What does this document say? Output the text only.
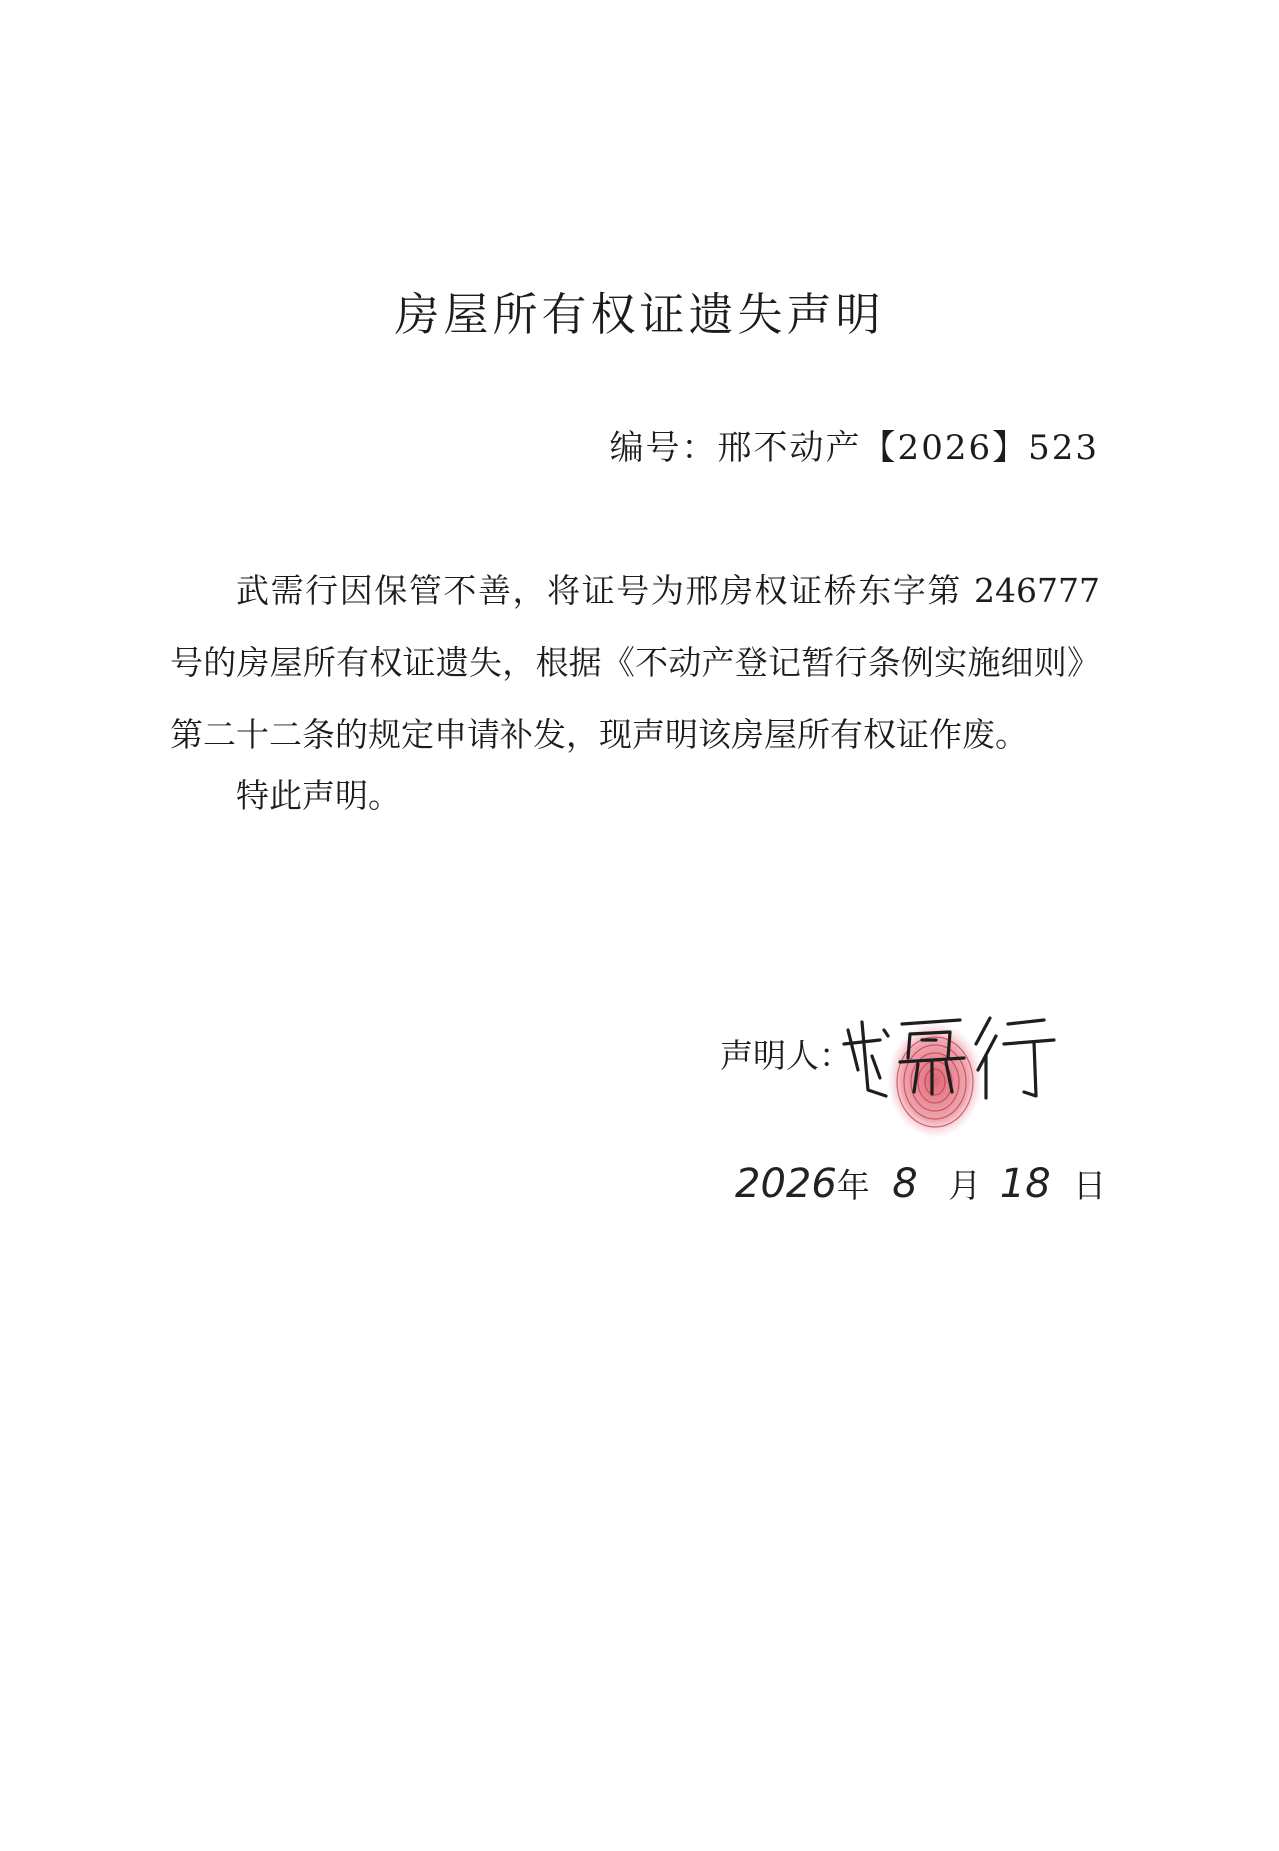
房屋所有权证遗失声明
编号：邢不动产【2026】523

武需行因保管不善，将证号为邢房权证桥东字第 246777 号的房屋所有权证遗失，根据《不动产登记暂行条例实施细则》第二十二条的规定申请补发，现声明该房屋所有权证作废。

特此声明。
声明人：
2026年 8 月 18 日
